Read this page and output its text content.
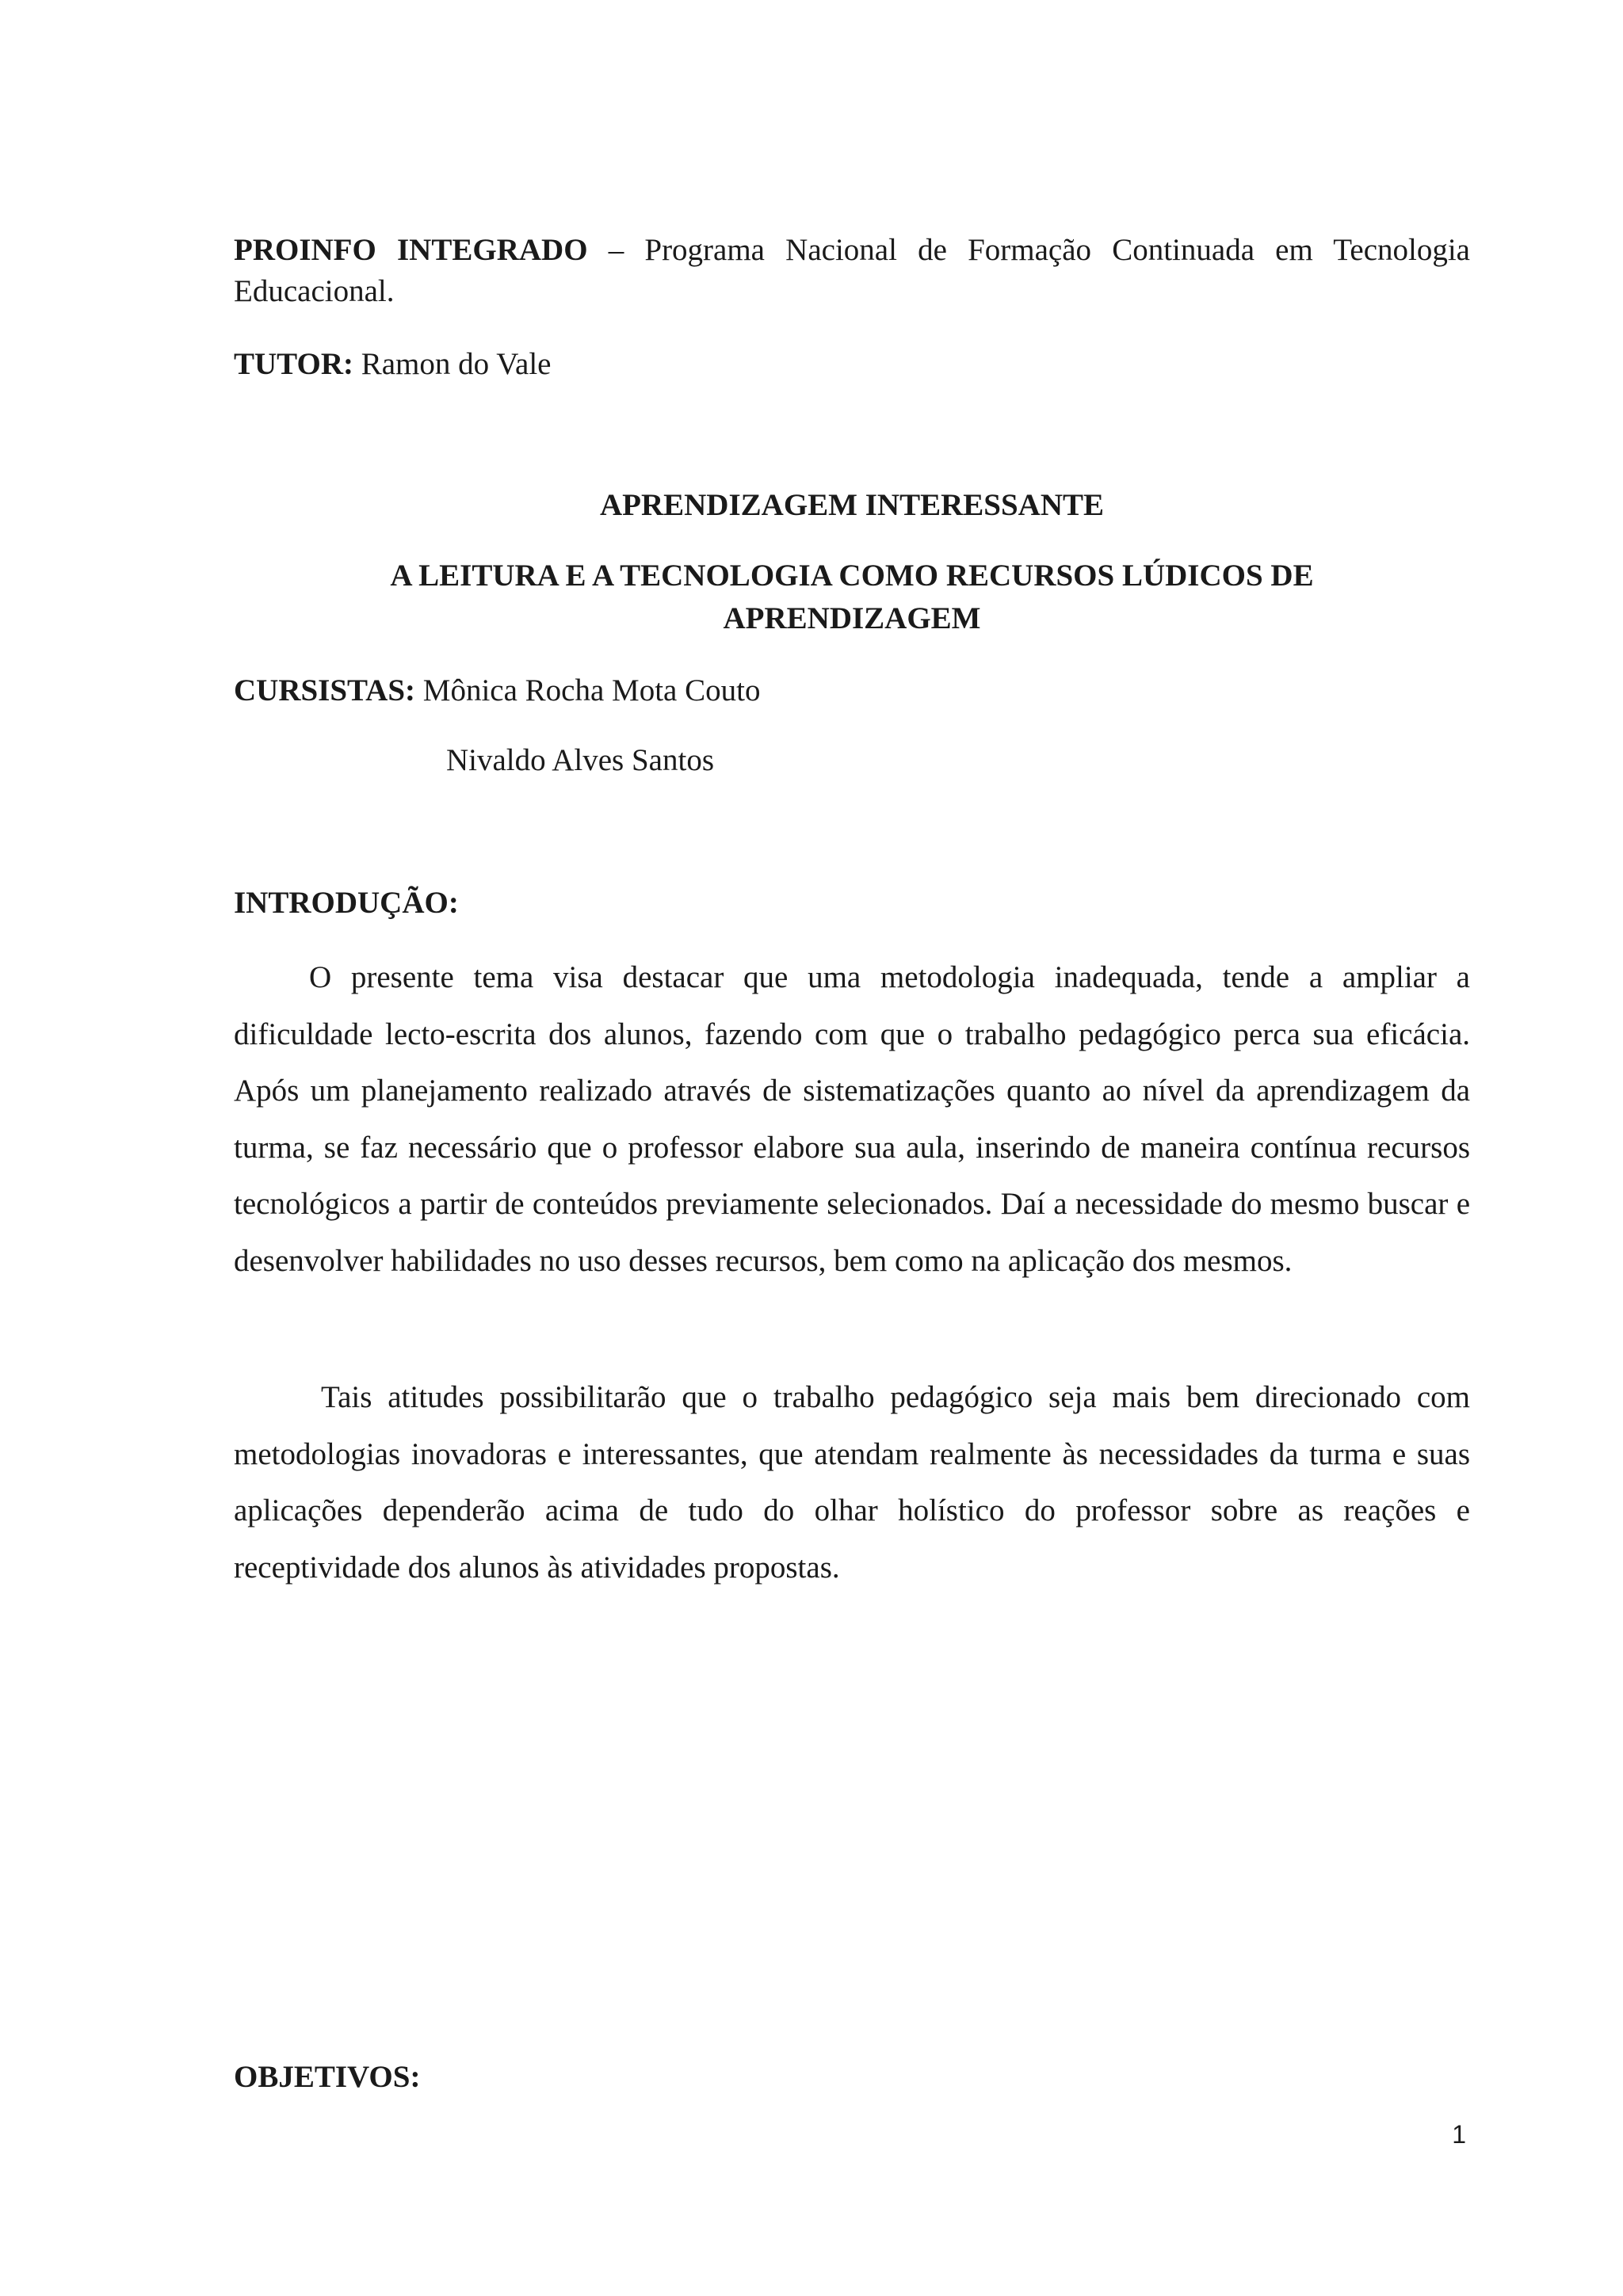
PROINFO INTEGRADO – Programa Nacional de Formação Continuada em Tecnologia Educacional.
TUTOR: Ramon do Vale
APRENDIZAGEM INTERESSANTE
A LEITURA E A TECNOLOGIA COMO RECURSOS LÚDICOS DE APRENDIZAGEM
CURSISTAS: Mônica Rocha Mota Couto
Nivaldo Alves Santos
INTRODUÇÃO:
O presente tema visa destacar que uma metodologia inadequada, tende a ampliar a dificuldade lecto-escrita dos alunos, fazendo com que o trabalho pedagógico perca sua eficácia. Após um planejamento realizado através de sistematizações quanto ao nível da aprendizagem da turma, se faz necessário que o professor elabore sua aula, inserindo de maneira contínua recursos tecnológicos a partir de conteúdos previamente selecionados. Daí a necessidade do mesmo buscar e desenvolver habilidades no uso desses recursos, bem como na aplicação dos mesmos.
Tais atitudes possibilitarão que o trabalho pedagógico seja mais bem direcionado com metodologias inovadoras e interessantes, que atendam realmente às necessidades da turma e suas aplicações dependerão acima de tudo do olhar holístico do professor sobre as reações e receptividade dos alunos às atividades propostas.
OBJETIVOS:
1
